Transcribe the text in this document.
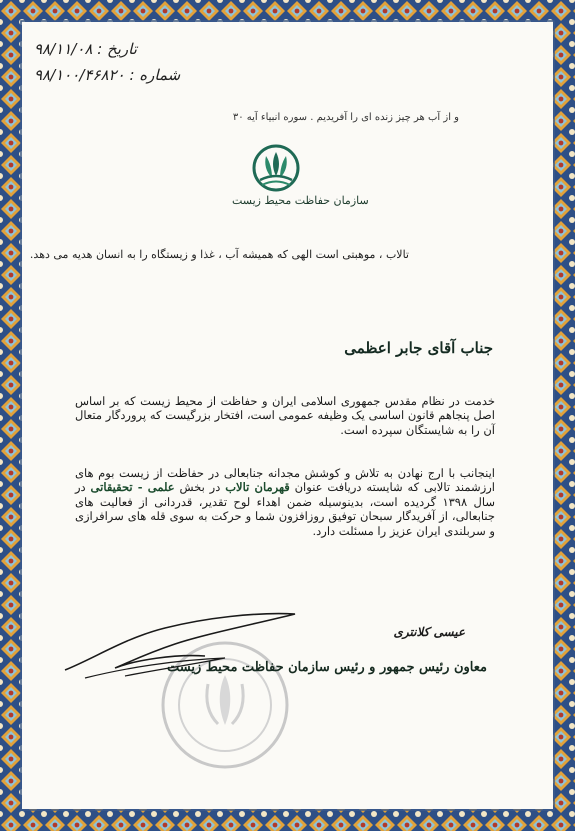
تاریخ : ۹۸/۱۱/۰۸
شماره : ۹۸/۱۰۰/۴۶۸۲۰
و از آب هر چیز زنده ای را آفریدیم . سوره انبیاء آیه ۳۰
سازمان حفاظت محیط زیست
تالاب ، موهبتی است الهی که همیشه آب ، غذا و زیستگاه را به انسان هدیه می دهد.
جناب آقای جابر اعظمی
خدمت در نظام مقدس جمهوری اسلامی ایران و حفاظت از محیط زیست که بر اساس اصل پنجاهم قانون اساسی یک وظیفه عمومی است، افتخار بزرگیست که پروردگار متعال آن را به شایستگان سپرده است.
اینجانب با ارج نهادن به تلاش و کوشش مجدانه جنابعالی در حفاظت از زیست بوم های ارزشمند تالابی که شایسته دریافت عنوان قهرمان تالاب در بخش علمی - تحقیقاتی در سال ۱۳۹۸ گردیده است، بدینوسیله ضمن اهداء لوح تقدیر، قدردانی از فعالیت های جنابعالی، از آفریدگار سبحان توفیق روزافزون شما و حرکت به سوی قله های سرافرازی و سربلندی ایران عزیز را مسئلت دارد.
عیسی کلانتری
معاون رئیس جمهور و رئیس سازمان حفاظت محیط زیست
